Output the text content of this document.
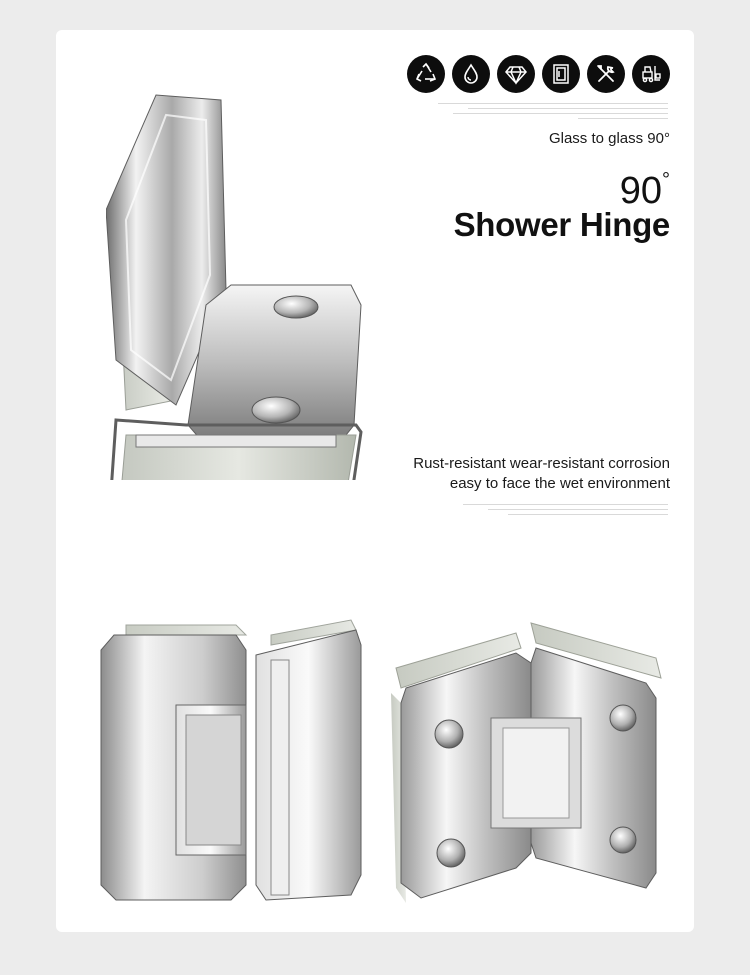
Glass to glass 90°
90°
Shower Hinge
Rust-resistant wear-resistant corrosion
easy to face the wet environment
